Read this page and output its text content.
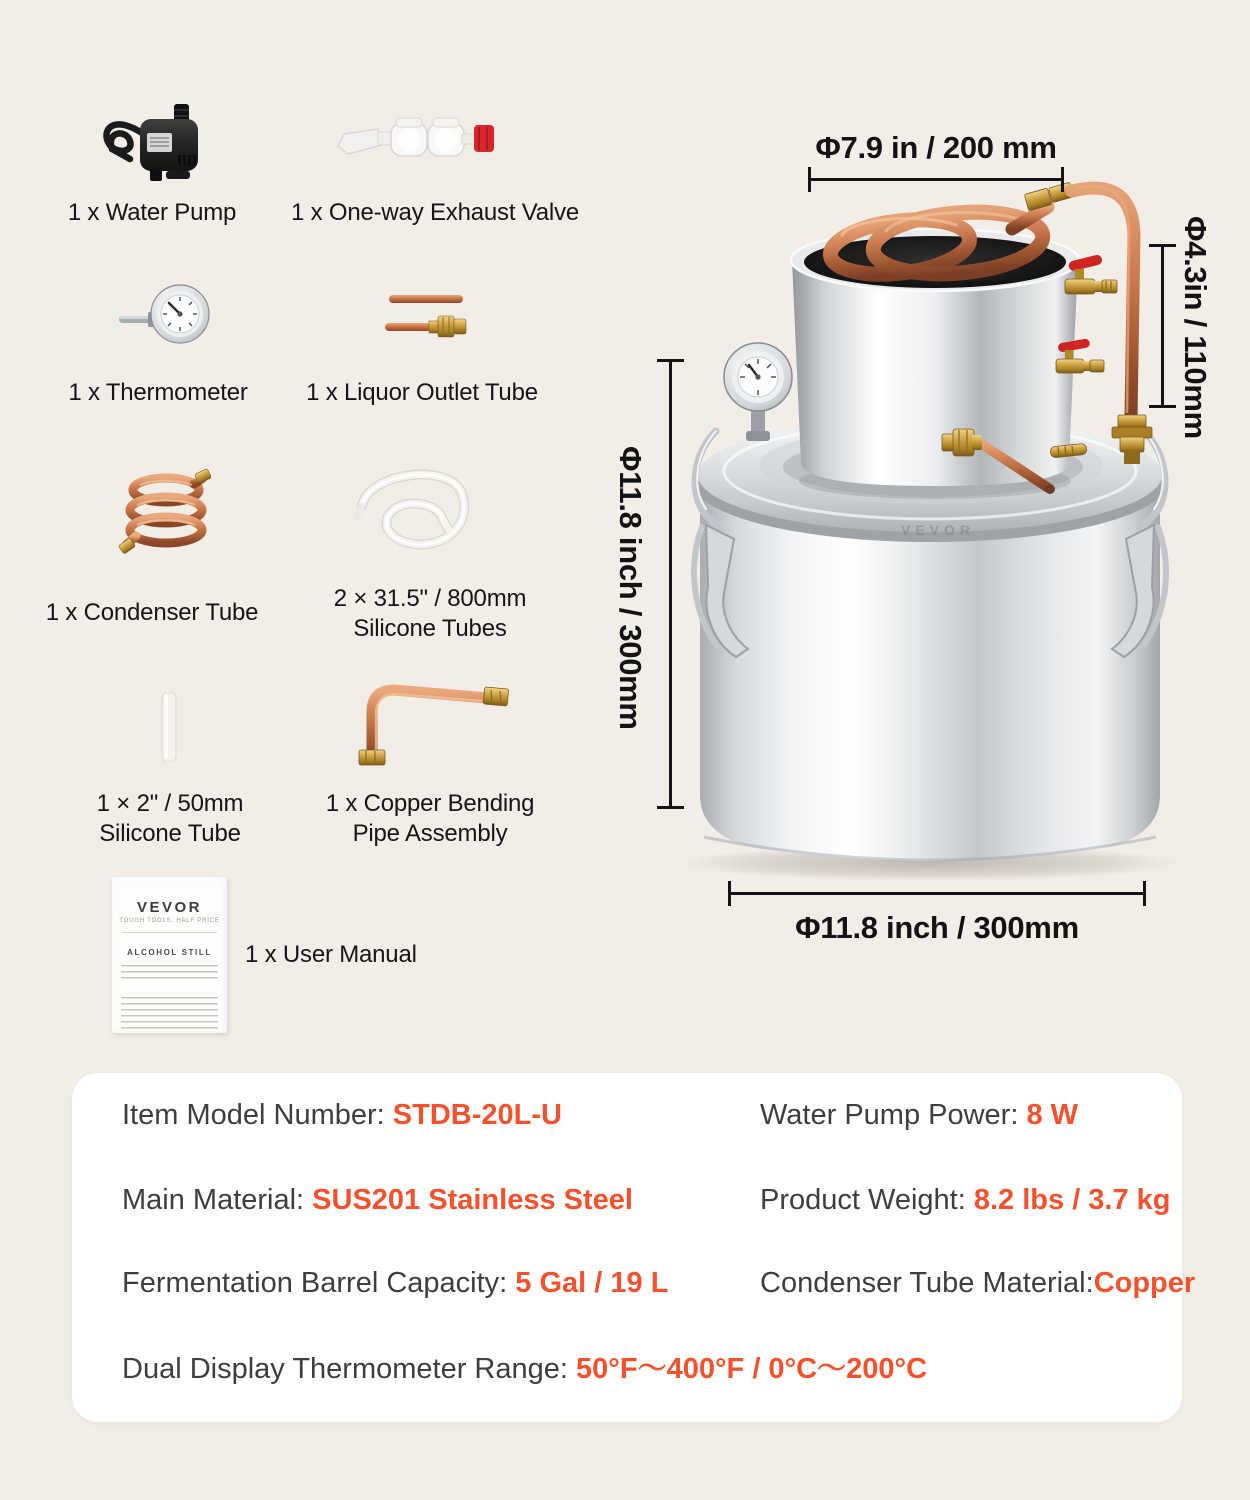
1 x Water Pump	1 x One-way Exhaust Valve
1 x Thermometer	1 x Liquor Outlet Tube
1 x Condenser Tube
2 × 31.5" / 800mm Silicone Tubes
1 × 2" / 50mm Silicone Tube
1 x Copper Bending Pipe Assembly
VEVOR
TOUGH TOOLS, HALF PRICE
ALCOHOL STILL	1 x User Manual
VEVOR
Φ7.9 in / 200 mm
Φ4.3in / 110mm
Φ11.8 inch / 300mm
Φ11.8 inch / 300mm
Item Model Number: STDB-20L-U	Water Pump Power: 8 W
Main Material: SUS201 Stainless Steel	Product Weight: 8.2 lbs / 3.7 kg
Fermentation Barrel Capacity: 5 Gal / 19 L	Condenser Tube Material:Copper
Dual Display Thermometer Range: 50°F～400°F / 0°C～200°C
